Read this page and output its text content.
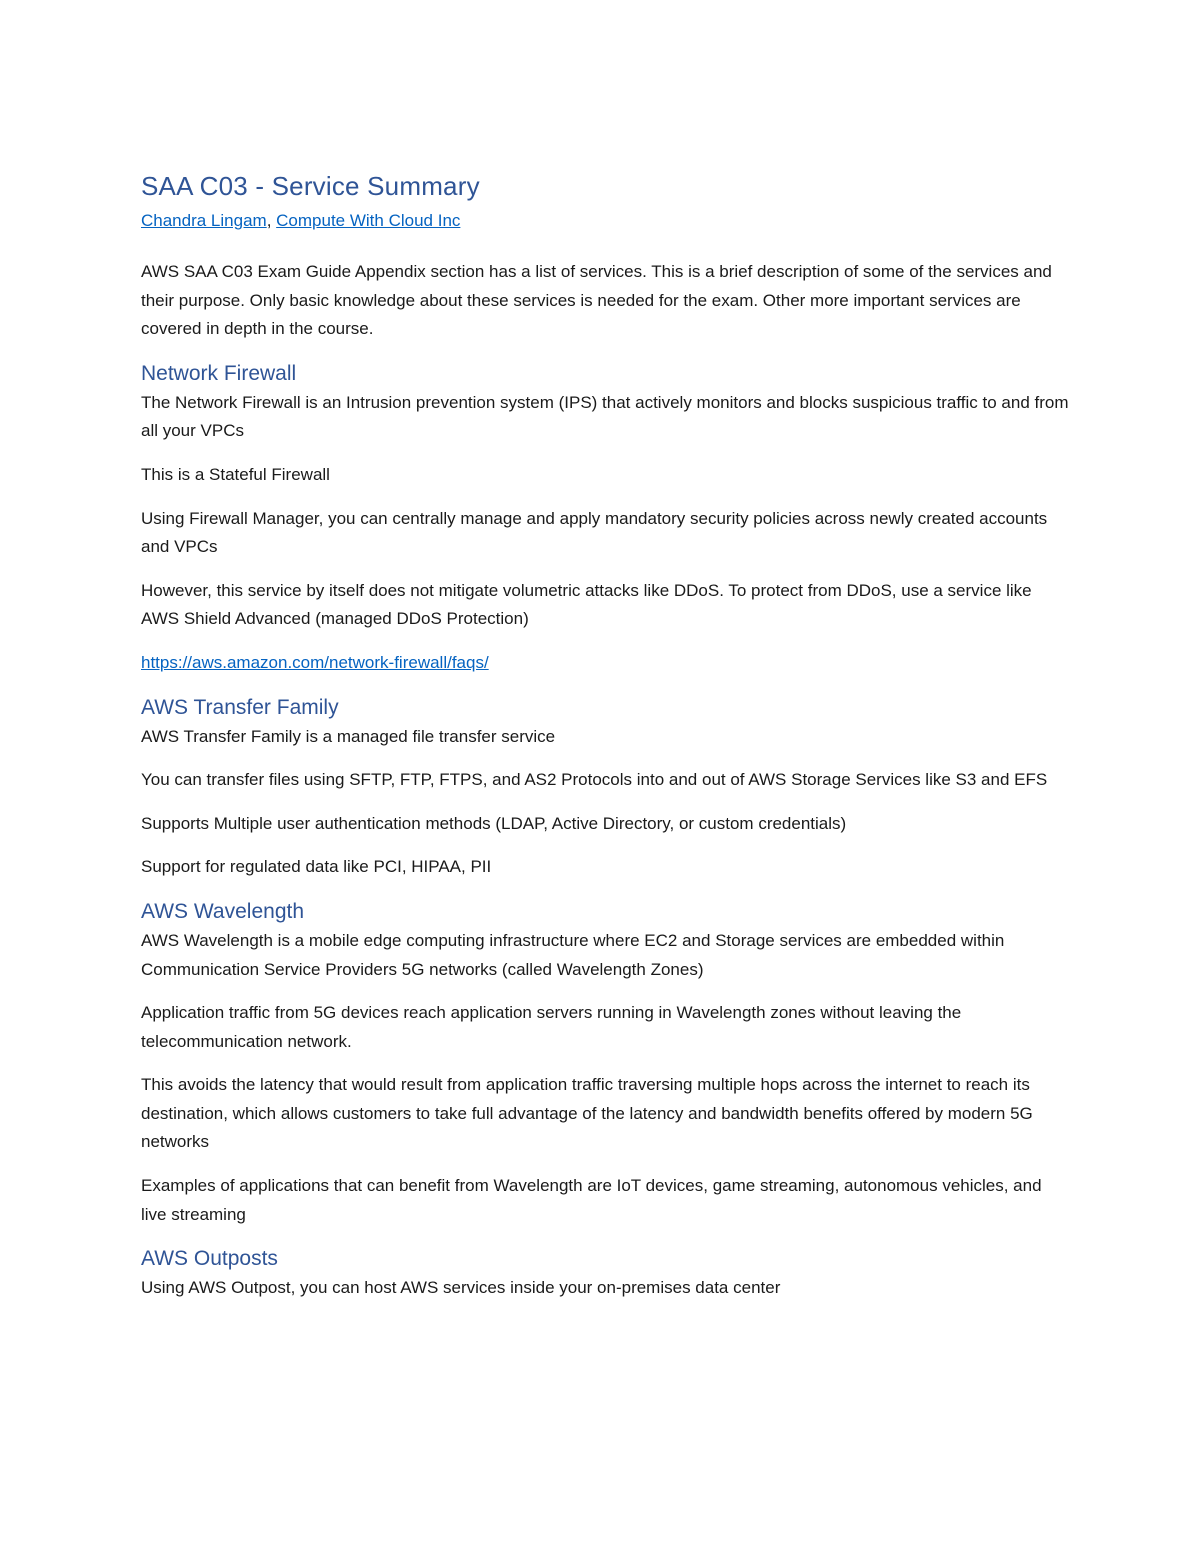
SAA C03 - Service Summary

Chandra Lingam, Compute With Cloud Inc

AWS SAA C03 Exam Guide Appendix section has a list of services. This is a brief description of some of the services and their purpose. Only basic knowledge about these services is needed for the exam. Other more important services are covered in depth in the course.

Network Firewall

The Network Firewall is an Intrusion prevention system (IPS) that actively monitors and blocks suspicious traffic to and from all your VPCs

This is a Stateful Firewall

Using Firewall Manager, you can centrally manage and apply mandatory security policies across newly created accounts and VPCs

However, this service by itself does not mitigate volumetric attacks like DDoS. To protect from DDoS, use a service like AWS Shield Advanced (managed DDoS Protection)

https://aws.amazon.com/network-firewall/faqs/

AWS Transfer Family

AWS Transfer Family is a managed file transfer service

You can transfer files using SFTP, FTP, FTPS, and AS2 Protocols into and out of AWS Storage Services like S3 and EFS

Supports Multiple user authentication methods (LDAP, Active Directory, or custom credentials)

Support for regulated data like PCI, HIPAA, PII

AWS Wavelength

AWS Wavelength is a mobile edge computing infrastructure where EC2 and Storage services are embedded within Communication Service Providers 5G networks (called Wavelength Zones)

Application traffic from 5G devices reach application servers running in Wavelength zones without leaving the telecommunication network.

This avoids the latency that would result from application traffic traversing multiple hops across the internet to reach its destination, which allows customers to take full advantage of the latency and bandwidth benefits offered by modern 5G networks

Examples of applications that can benefit from Wavelength are IoT devices, game streaming, autonomous vehicles, and live streaming

AWS Outposts

Using AWS Outpost, you can host AWS services inside your on-premises data center
